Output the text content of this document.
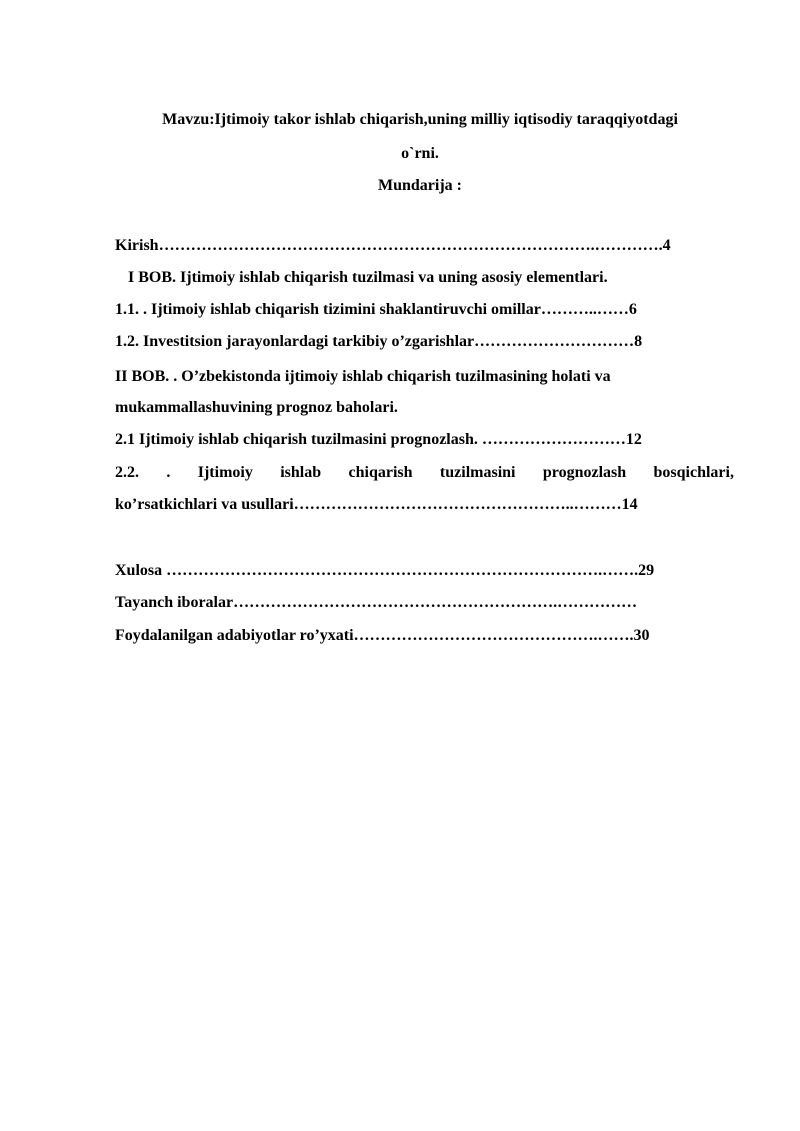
Mavzu:Ijtimoiy takor ishlab chiqarish,uning milliy iqtisodiy taraqqiyotdagi
o`rni.
Mundarija :
Kirish……………………………………………………………………….………….4
I BOB. Ijtimoiy ishlab chiqarish tuzilmasi va uning asosiy elementlari.
1.1. . Ijtimoiy ishlab chiqarish tizimini shaklantiruvchi omillar………..……6
1.2. Investitsion jarayonlardagi tarkibiy o’zgarishlar…………………………8
II BOB. . O’zbekistonda ijtimoiy ishlab chiqarish tuzilmasining holati va
mukammallashuvining prognoz baholari.
2.1 Ijtimoiy ishlab chiqarish tuzilmasini prognozlash. ………………………12
2.2. . Ijtimoiy ishlab chiqarish tuzilmasini prognozlash bosqichlari,
ko’rsatkichlari va usullari……………………………………………..………14
Xulosa ……………………………………………………………………….…….29
Tayanch iboralar…………………………………………………….……………
Foydalanilgan adabiyotlar ro’yxati……………………………………….…….30
